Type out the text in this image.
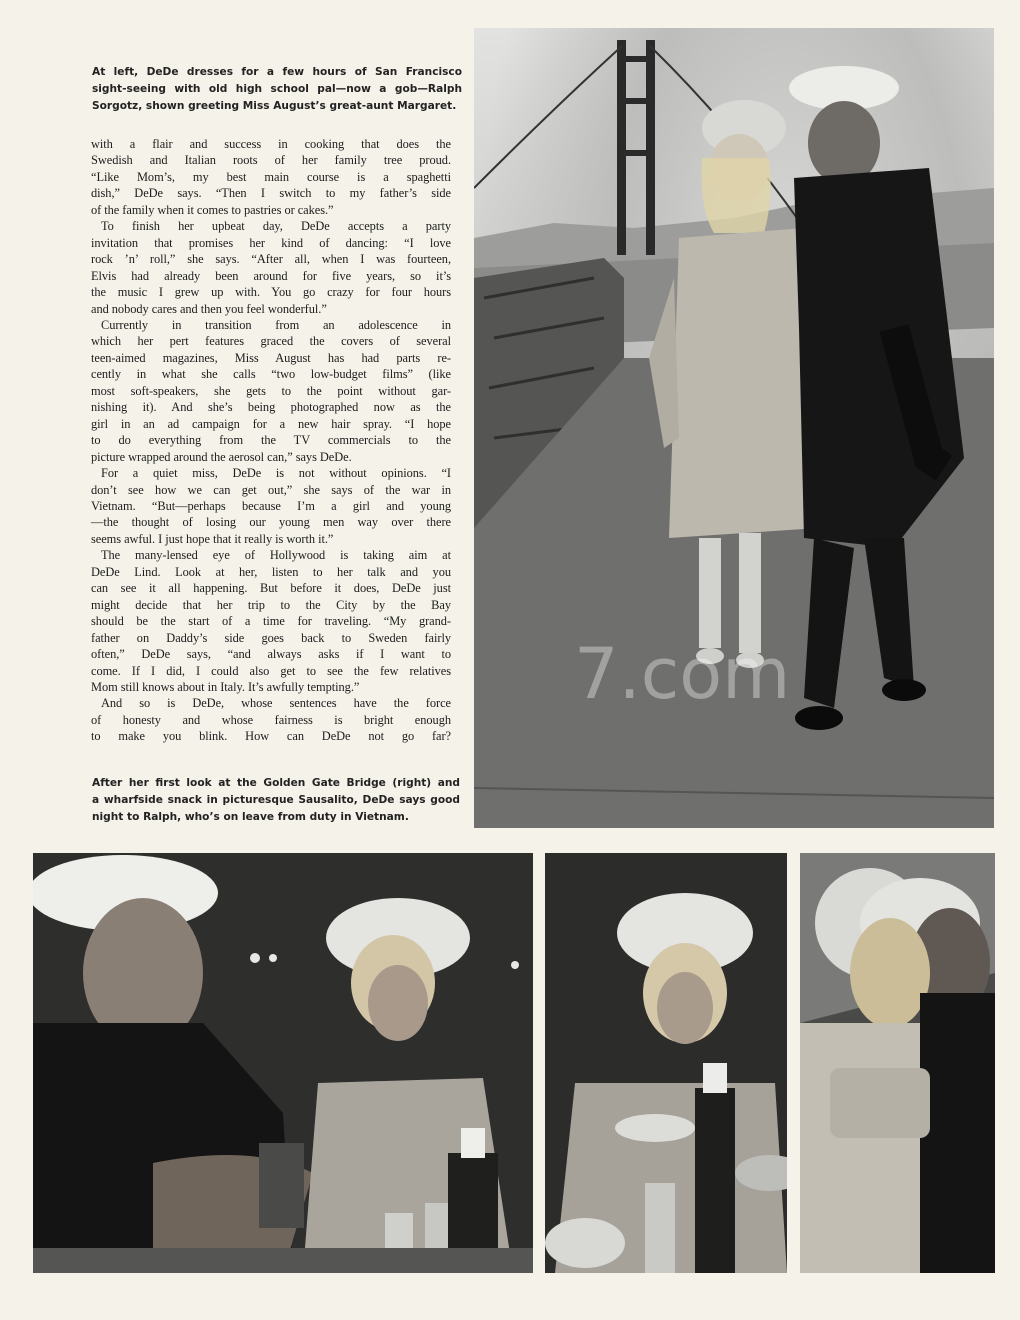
At left, DeDe dresses for a few hours of San Francisco
sight-seeing with old high school pal—now a gob—Ralph
Sorgotz, shown greeting Miss August’s great-aunt Margaret.

with a flair and success in cooking that does the
Swedish and Italian roots of her family tree proud.
“Like Mom’s, my best main course is a spaghetti
dish,” DeDe says. “Then I switch to my father’s side
of the family when it comes to pastries or cakes.”

To finish her upbeat day, DeDe accepts a party
invitation that promises her kind of dancing: “I love
rock ’n’ roll,” she says. “After all, when I was fourteen,
Elvis had already been around for five years, so it’s
the music I grew up with. You go crazy for four hours
and nobody cares and then you feel wonderful.”

Currently in transition from an adolescence in
which her pert features graced the covers of several
teen-aimed magazines, Miss August has had parts re-
cently in what she calls “two low-budget films” (like
most soft-speakers, she gets to the point without gar-
nishing it). And she’s being photographed now as the
girl in an ad campaign for a new hair spray. “I hope
to do everything from the TV commercials to the
picture wrapped around the aerosol can,” says DeDe.

For a quiet miss, DeDe is not without opinions. “I
don’t see how we can get out,” she says of the war in
Vietnam. “But—perhaps because I’m a girl and young
—the thought of losing our young men way over there
seems awful. I just hope that it really is worth it.”

The many-lensed eye of Hollywood is taking aim at
DeDe Lind. Look at her, listen to her talk and you
can see it all happening. But before it does, DeDe just
might decide that her trip to the City by the Bay
should be the start of a time for traveling. “My grand-
father on Daddy’s side goes back to Sweden fairly
often,” DeDe says, “and always asks if I want to
come. If I did, I could also get to see the few relatives
Mom still knows about in Italy. It’s awfully tempting.”

And so is DeDe, whose sentences have the force
of honesty and whose fairness is bright enough
to make you blink. How can DeDe not go far?

After her first look at the Golden Gate Bridge (right) and
a wharfside snack in picturesque Sausalito, DeDe says good
night to Ralph, who’s on leave from duty in Vietnam.
7.com
